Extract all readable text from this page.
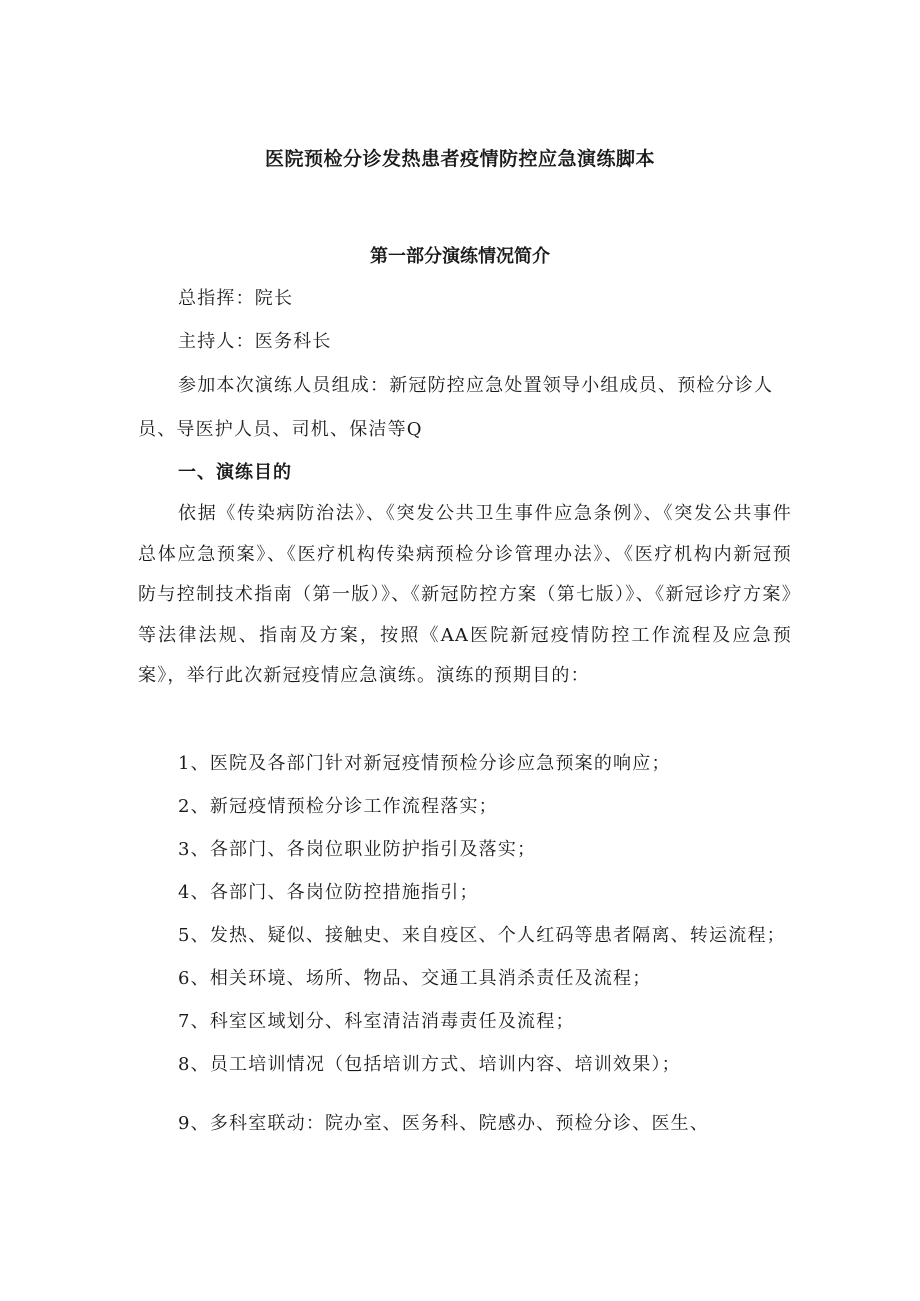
医院预检分诊发热患者疫情防控应急演练脚本
第一部分演练情况简介
总指挥：院长
主持人：医务科长
参加本次演练人员组成：新冠防控应急处置领导小组成员、预检分诊人
员、导医护人员、司机、保洁等Q
一、演练目的
依据《传染病防治法》、《突发公共卫生事件应急条例》、《突发公共事件总体应急预案》、《医疗机构传染病预检分诊管理办法》、《医疗机构内新冠预防与控制技术指南（第一版）》、《新冠防控方案（第七版）》、《新冠诊疗方案》等法律法规、指南及方案，按照《AA医院新冠疫情防控工作流程及应急预案》，举行此次新冠疫情应急演练。演练的预期目的：
1、医院及各部门针对新冠疫情预检分诊应急预案的响应；
2、新冠疫情预检分诊工作流程落实；
3、各部门、各岗位职业防护指引及落实；
4、各部门、各岗位防控措施指引；
5、发热、疑似、接触史、来自疫区、个人红码等患者隔离、转运流程；
6、相关环境、场所、物品、交通工具消杀责任及流程；
7、科室区域划分、科室清洁消毒责任及流程；
8、员工培训情况（包括培训方式、培训内容、培训效果）；
9、多科室联动：院办室、医务科、院感办、预检分诊、医生、
